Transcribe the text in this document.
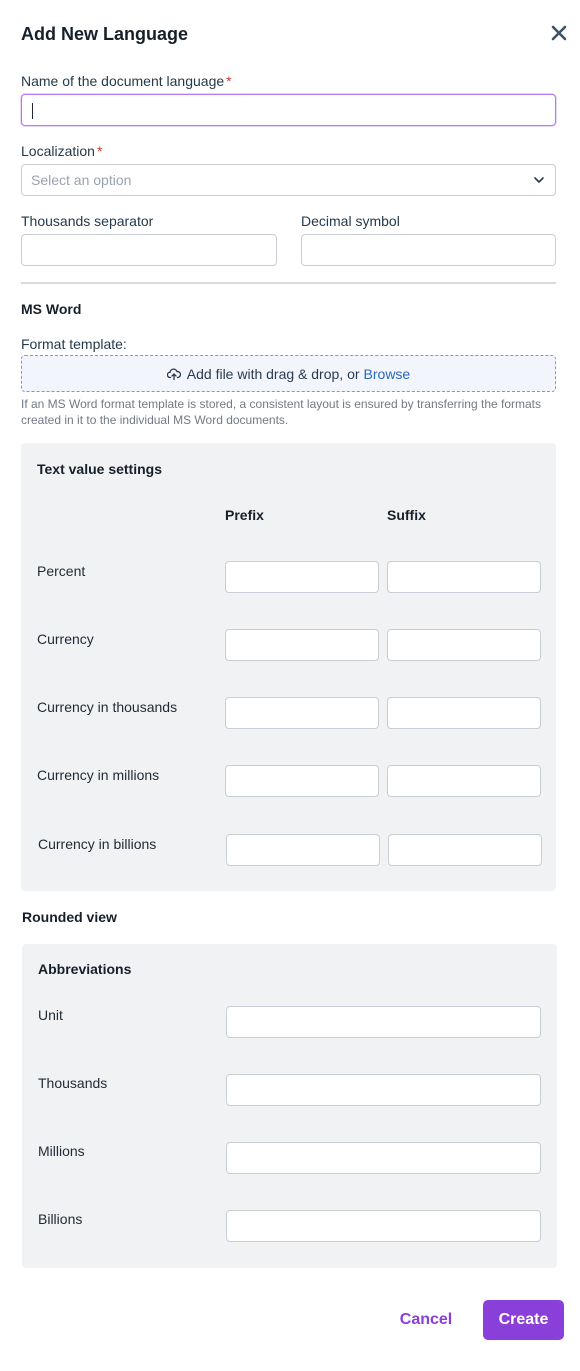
Add New Language
Name of the document language *
Localization *
Select an option
Thousands separator	Decimal symbol
MS Word
Format template:
Add file with drag & drop, or Browse
If an MS Word format template is stored, a consistent layout is ensured by transferring the formats created in it to the individual MS Word documents.
Text value settings
Prefix	Suffix
Percent
Currency
Currency in thousands
Currency in millions
Currency in billions
Rounded view
Abbreviations
Unit
Thousands
Millions
Billions
Cancel	Create
